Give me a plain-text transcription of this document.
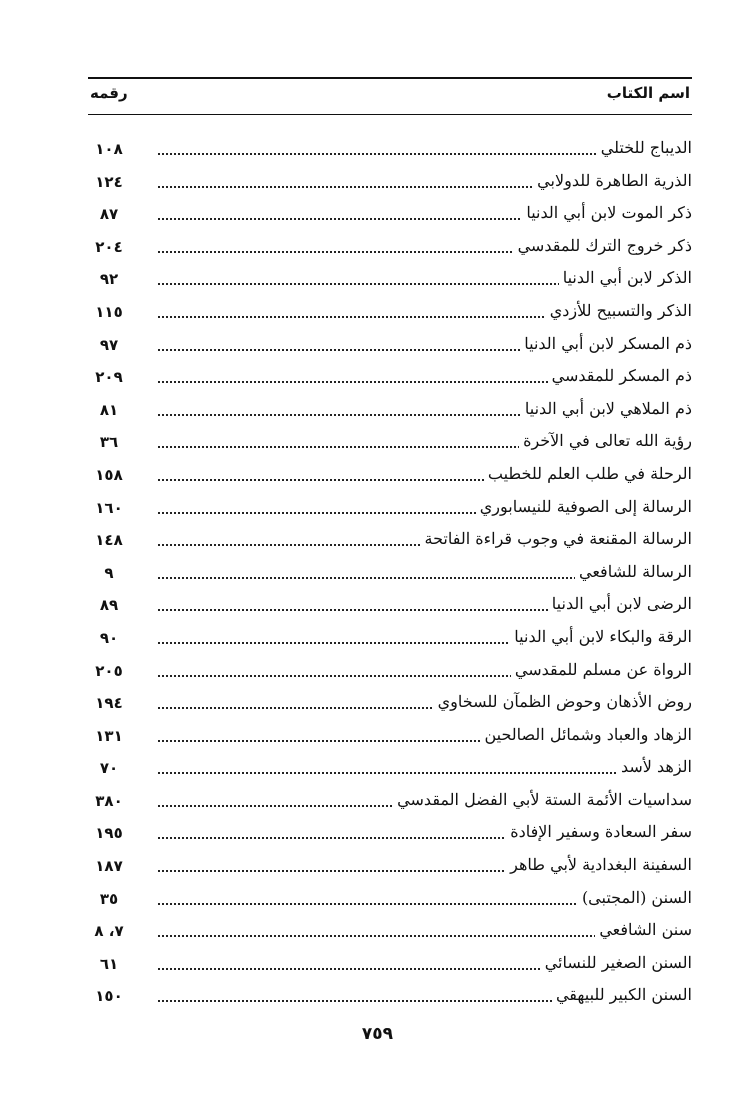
اسم الكتاب
رقمه
الديباج للختلي
١٠٨
الذرية الطاهرة للدولابي
١٢٤
ذكر الموت لابن أبي الدنيا
٨٧
ذكر خروج الترك للمقدسي
٢٠٤
الذكر لابن أبي الدنيا
٩٢
الذكر والتسبيح للأزدي
١١٥
ذم المسكر لابن أبي الدنيا
٩٧
ذم المسكر للمقدسي
٢٠٩
ذم الملاهي لابن أبي الدنيا
٨١
رؤية الله تعالى في الآخرة
٣٦
الرحلة في طلب العلم للخطيب
١٥٨
الرسالة إلى الصوفية للنيسابوري
١٦٠
الرسالة المقنعة في وجوب قراءة الفاتحة
١٤٨
الرسالة للشافعي
٩
الرضى لابن أبي الدنيا
٨٩
الرقة والبكاء لابن أبي الدنيا
٩٠
الرواة عن مسلم للمقدسي
٢٠٥
روض الأذهان وحوض الظمآن للسخاوي
١٩٤
الزهاد والعباد وشمائل الصالحين
١٣١
الزهد لأسد
٧٠
سداسيات الأئمة الستة لأبي الفضل المقدسي
٣٨٠
سفر السعادة وسفير الإفادة
١٩٥
السفينة البغدادية لأبي طاهر
١٨٧
السنن (المجتبى)
٣٥
سنن الشافعي
٧، ٨
السنن الصغير للنسائي
٦١
السنن الكبير للبيهقي
١٥٠
٧٥٩
